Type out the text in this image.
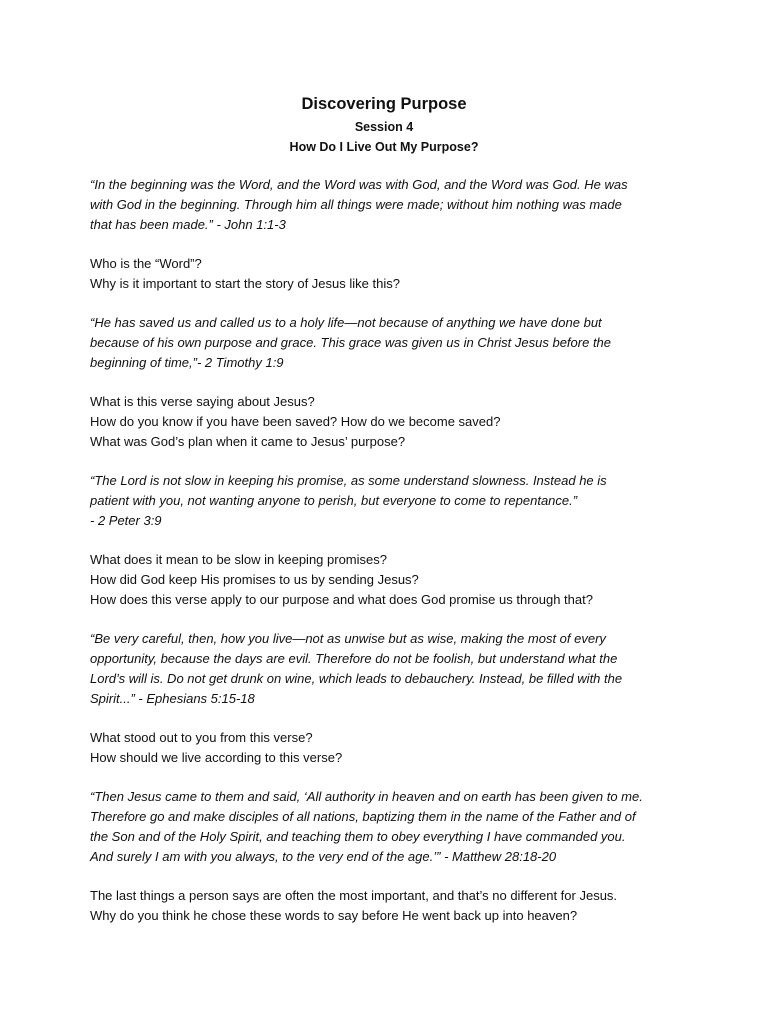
Discovering Purpose
Session 4
How Do I Live Out My Purpose?
“In the beginning was the Word, and the Word was with God, and the Word was God. He was
with God in the beginning. Through him all things were made; without him nothing was made
that has been made.” - John 1:1-3
Who is the “Word”?
Why is it important to start the story of Jesus like this?
“He has saved us and called us to a holy life—not because of anything we have done but
because of his own purpose and grace. This grace was given us in Christ Jesus before the
beginning of time,”- 2 Timothy 1:9
What is this verse saying about Jesus?
How do you know if you have been saved? How do we become saved?
What was God’s plan when it came to Jesus’ purpose?
“The Lord is not slow in keeping his promise, as some understand slowness. Instead he is
patient with you, not wanting anyone to perish, but everyone to come to repentance.”
- 2 Peter 3:9
What does it mean to be slow in keeping promises?
How did God keep His promises to us by sending Jesus?
How does this verse apply to our purpose and what does God promise us through that?
“Be very careful, then, how you live—not as unwise but as wise, making the most of every
opportunity, because the days are evil. Therefore do not be foolish, but understand what the
Lord’s will is. Do not get drunk on wine, which leads to debauchery. Instead, be filled with the
Spirit...” - Ephesians 5:15-18
What stood out to you from this verse?
How should we live according to this verse?
“Then Jesus came to them and said, ‘All authority in heaven and on earth has been given to me.
Therefore go and make disciples of all nations, baptizing them in the name of the Father and of
the Son and of the Holy Spirit, and teaching them to obey everything I have commanded you.
And surely I am with you always, to the very end of the age.’” - Matthew 28:18-20
The last things a person says are often the most important, and that’s no different for Jesus.
Why do you think he chose these words to say before He went back up into heaven?
